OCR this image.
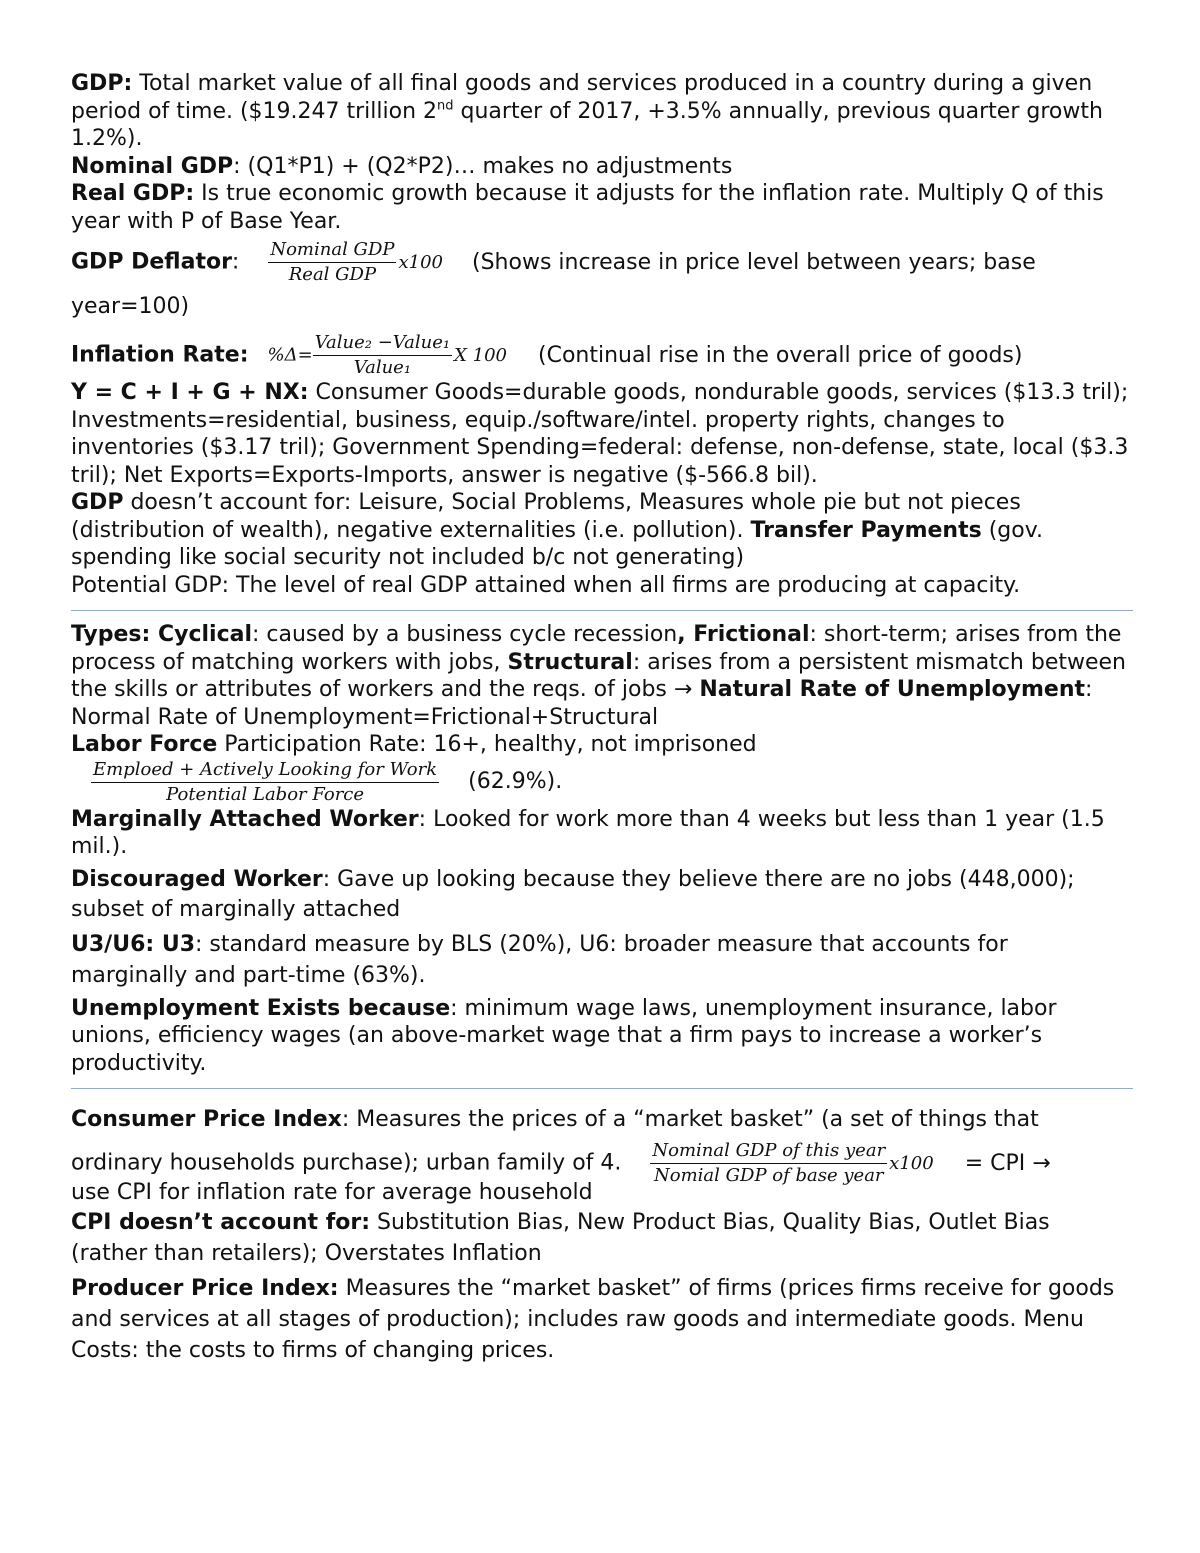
GDP: Total market value of all final goods and services produced in a country during a given period of time. ($19.247 trillion 2nd quarter of 2017, +3.5% annually, previous quarter growth 1.2%).

Nominal GDP: (Q1*P1) + (Q2*P2)… makes no adjustments

Real GDP: Is true economic growth because it adjusts for the inflation rate. Multiply Q of this year with P of Base Year.

GDP Deflator: $\frac{\text{Nominal GDP}}{\text{Real GDP}} x100$ (Shows increase in price level between years; base year=100)

Inflation Rate: $\%\Delta= \frac{\text{Value₂ −Value₁}}{\text{Value₁}}$ X 100 (Continual rise in the overall price of goods)

Y = C + I + G + NX: Consumer Goods=durable goods, nondurable goods, services ($13.3 tril); Investments=residential, business, equip./software/intel. property rights, changes to inventories ($3.17 tril); Government Spending=federal: defense, non-defense, state, local ($3.3 tril); Net Exports=Exports-Imports, answer is negative ($-566.8 bil).

GDP doesn’t account for: Leisure, Social Problems, Measures whole pie but not pieces (distribution of wealth), negative externalities (i.e. pollution). Transfer Payments (gov. spending like social security not included b/c not generating)

Potential GDP: The level of real GDP attained when all firms are producing at capacity.

Types: Cyclical: caused by a business cycle recession, Frictional: short-term; arises from the process of matching workers with jobs, Structural: arises from a persistent mismatch between the skills or attributes of workers and the reqs. of jobs → Natural Rate of Unemployment: Normal Rate of Unemployment=Frictional+Structural

Labor Force Participation Rate: 16+, healthy, not imprisoned

$\frac{\text{Emploed + Actively Looking for Work}}{\text{Potential Labor Force}} (62.9\%)$.

Marginally Attached Worker: Looked for work more than 4 weeks but less than 1 year (1.5 mil.).

Discouraged Worker: Gave up looking because they believe there are no jobs (448,000); subset of marginally attached

U3/U6: U3: standard measure by BLS (20%), U6: broader measure that accounts for marginally and part-time (63%).

Unemployment Exists because: minimum wage laws, unemployment insurance, labor unions, efficiency wages (an above-market wage that a firm pays to increase a worker’s productivity.

Consumer Price Index: Measures the prices of a “market basket” (a set of things that ordinary households purchase); urban family of 4. $\frac{\text{Nominal GDP of this year}}{\text{Nomial GDP of base year}} x100$ = CPI →

use CPI for inflation rate for average household

CPI doesn’t account for: Substitution Bias, New Product Bias, Quality Bias, Outlet Bias (rather than retailers); Overstates Inflation

Producer Price Index: Measures the “market basket” of firms (prices firms receive for goods and services at all stages of production); includes raw goods and intermediate goods. Menu Costs: the costs to firms of changing prices.
